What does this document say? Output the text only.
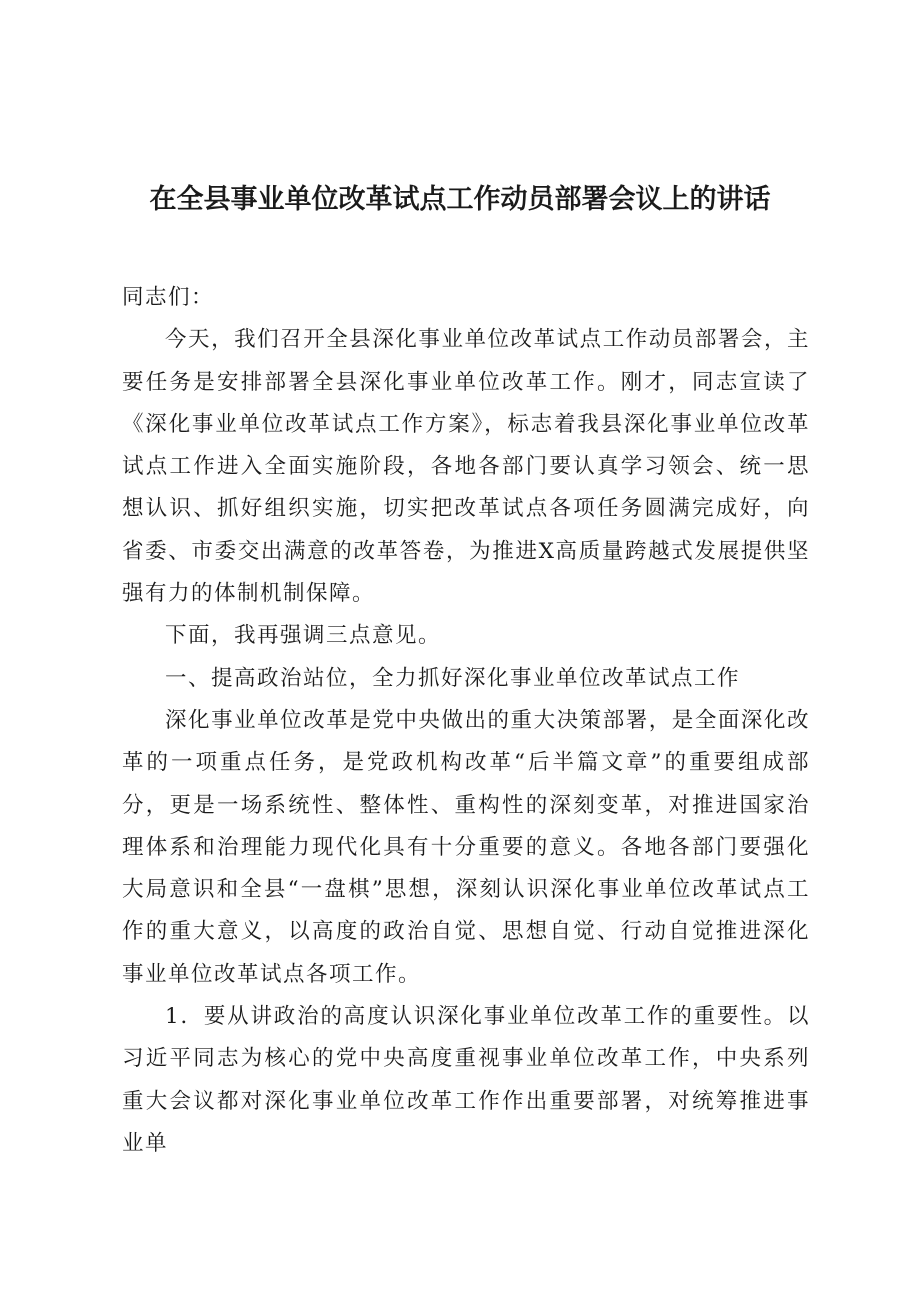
在全县事业单位改革试点工作动员部署会议上的讲话

同志们：

今天，我们召开全县深化事业单位改革试点工作动员部署会，主要任务是安排部署全县深化事业单位改革工作。刚才，同志宣读了《深化事业单位改革试点工作方案》，标志着我县深化事业单位改革试点工作进入全面实施阶段，各地各部门要认真学习领会、统一思想认识、抓好组织实施，切实把改革试点各项任务圆满完成好，向省委、市委交出满意的改革答卷，为推进X高质量跨越式发展提供坚强有力的体制机制保障。

下面，我再强调三点意见。

一、提高政治站位，全力抓好深化事业单位改革试点工作

深化事业单位改革是党中央做出的重大决策部署，是全面深化改革的一项重点任务，是党政机构改革“后半篇文章”的重要组成部分，更是一场系统性、整体性、重构性的深刻变革，对推进国家治理体系和治理能力现代化具有十分重要的意义。各地各部门要强化大局意识和全县“一盘棋”思想，深刻认识深化事业单位改革试点工作的重大意义，以高度的政治自觉、思想自觉、行动自觉推进深化事业单位改革试点各项工作。

1．要从讲政治的高度认识深化事业单位改革工作的重要性。以习近平同志为核心的党中央高度重视事业单位改革工作，中央系列重大会议都对深化事业单位改革工作作出重要部署，对统筹推进事业单
